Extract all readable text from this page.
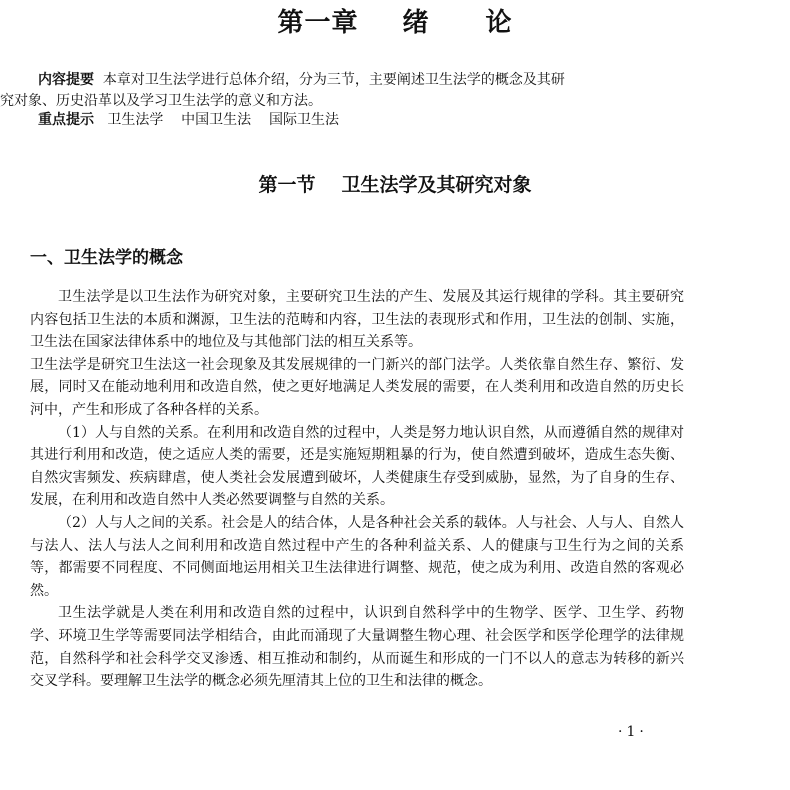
第一章 绪 论
内容提要 本章对卫生法学进行总体介绍，分为三节，主要阐述卫生法学的概念及其研
究对象、历史沿革以及学习卫生法学的意义和方法。
重点提示 卫生法学 中国卫生法 国际卫生法
第一节 卫生法学及其研究对象
一、卫生法学的概念

卫生法学是以卫生法作为研究对象，主要研究卫生法的产生、发展及其运行规律的学科。其主要研究内容包括卫生法的本质和渊源，卫生法的范畴和内容，卫生法的表现形式和作用，卫生法的创制、实施，卫生法在国家法律体系中的地位及与其他部门法的相互关系等。

卫生法学是研究卫生法这一社会现象及其发展规律的一门新兴的部门法学。人类依靠自然生存、繁衍、发展，同时又在能动地利用和改造自然，使之更好地满足人类发展的需要，在人类利用和改造自然的历史长河中，产生和形成了各种各样的关系。

（1）人与自然的关系。在利用和改造自然的过程中，人类是努力地认识自然，从而遵循自然的规律对其进行利用和改造，使之适应人类的需要，还是实施短期粗暴的行为，使自然遭到破坏，造成生态失衡、自然灾害频发、疾病肆虐，使人类社会发展遭到破坏，人类健康生存受到威胁，显然，为了自身的生存、发展，在利用和改造自然中人类必然要调整与自然的关系。

（2）人与人之间的关系。社会是人的结合体，人是各种社会关系的载体。人与社会、人与人、自然人与法人、法人与法人之间利用和改造自然过程中产生的各种利益关系、人的健康与卫生行为之间的关系等，都需要不同程度、不同侧面地运用相关卫生法律进行调整、规范，使之成为利用、改造自然的客观必然。

卫生法学就是人类在利用和改造自然的过程中，认识到自然科学中的生物学、医学、卫生学、药物学、环境卫生学等需要同法学相结合，由此而涌现了大量调整生物心理、社会医学和医学伦理学的法律规范，自然科学和社会科学交叉渗透、相互推动和制约，从而诞生和形成的一门不以人的意志为转移的新兴交叉学科。要理解卫生法学的概念必须先厘清其上位的卫生和法律的概念。

·1·
